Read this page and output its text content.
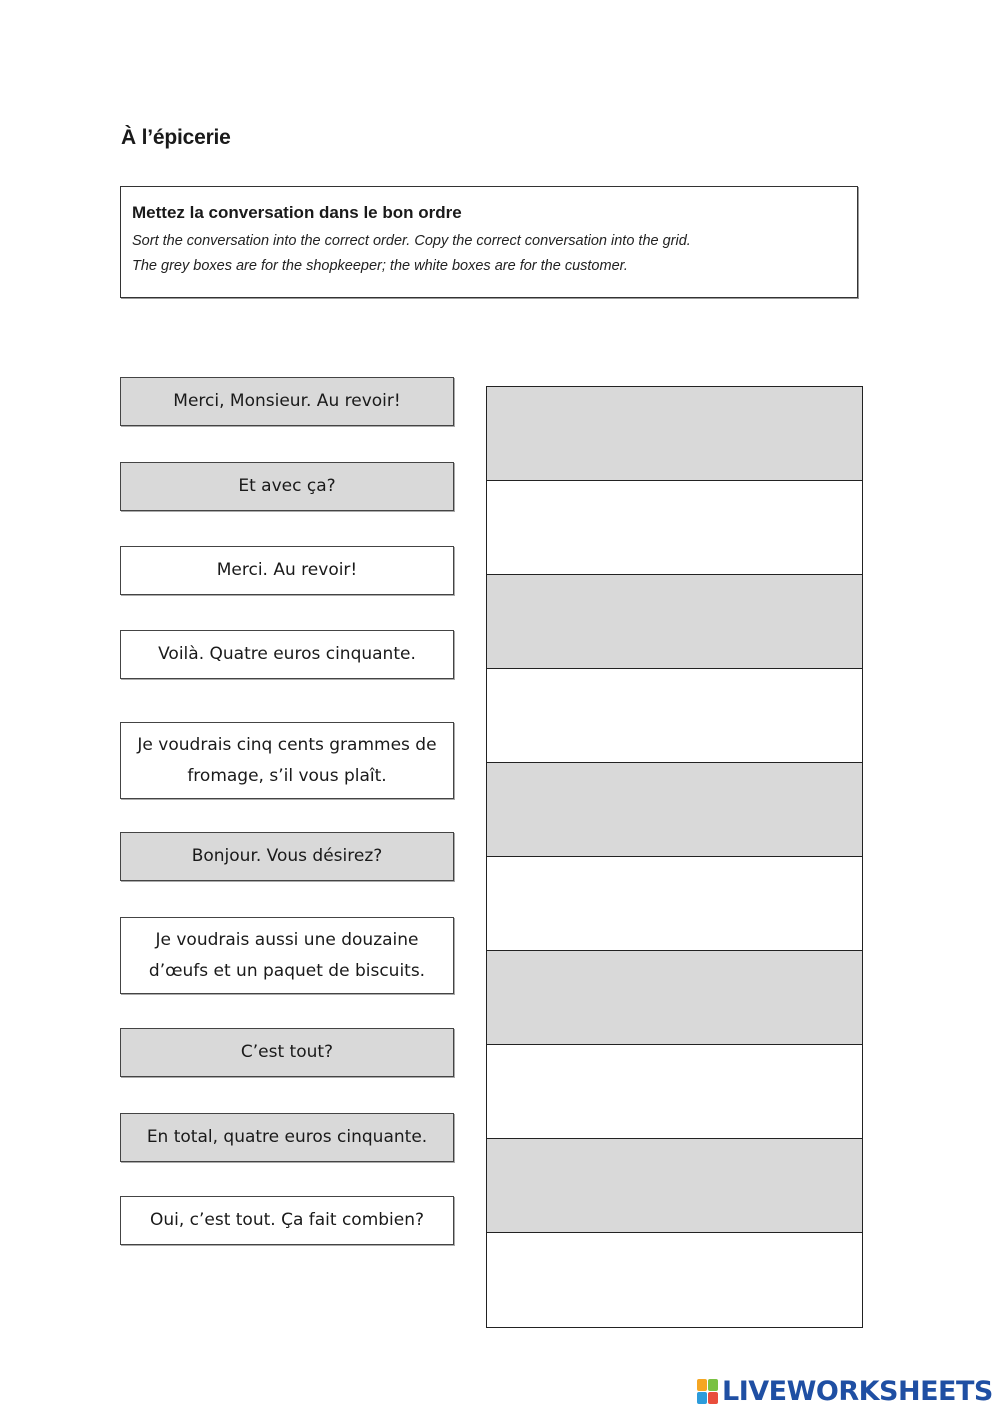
À l’épicerie
Mettez la conversation dans le bon ordre
Sort the conversation into the correct order. Copy the correct conversation into the grid.
The grey boxes are for the shopkeeper; the white boxes are for the customer.
Merci, Monsieur. Au revoir!
Et avec ça?
Merci. Au revoir!
Voilà. Quatre euros cinquante.
Je voudrais cinq cents grammes de fromage, s’il vous plaît.
Bonjour. Vous désirez?
Je voudrais aussi une douzaine d’œufs et un paquet de biscuits.
C’est tout?
En total, quatre euros cinquante.
Oui, c’est tout. Ça fait combien?
LIVEWORKSHEETS
